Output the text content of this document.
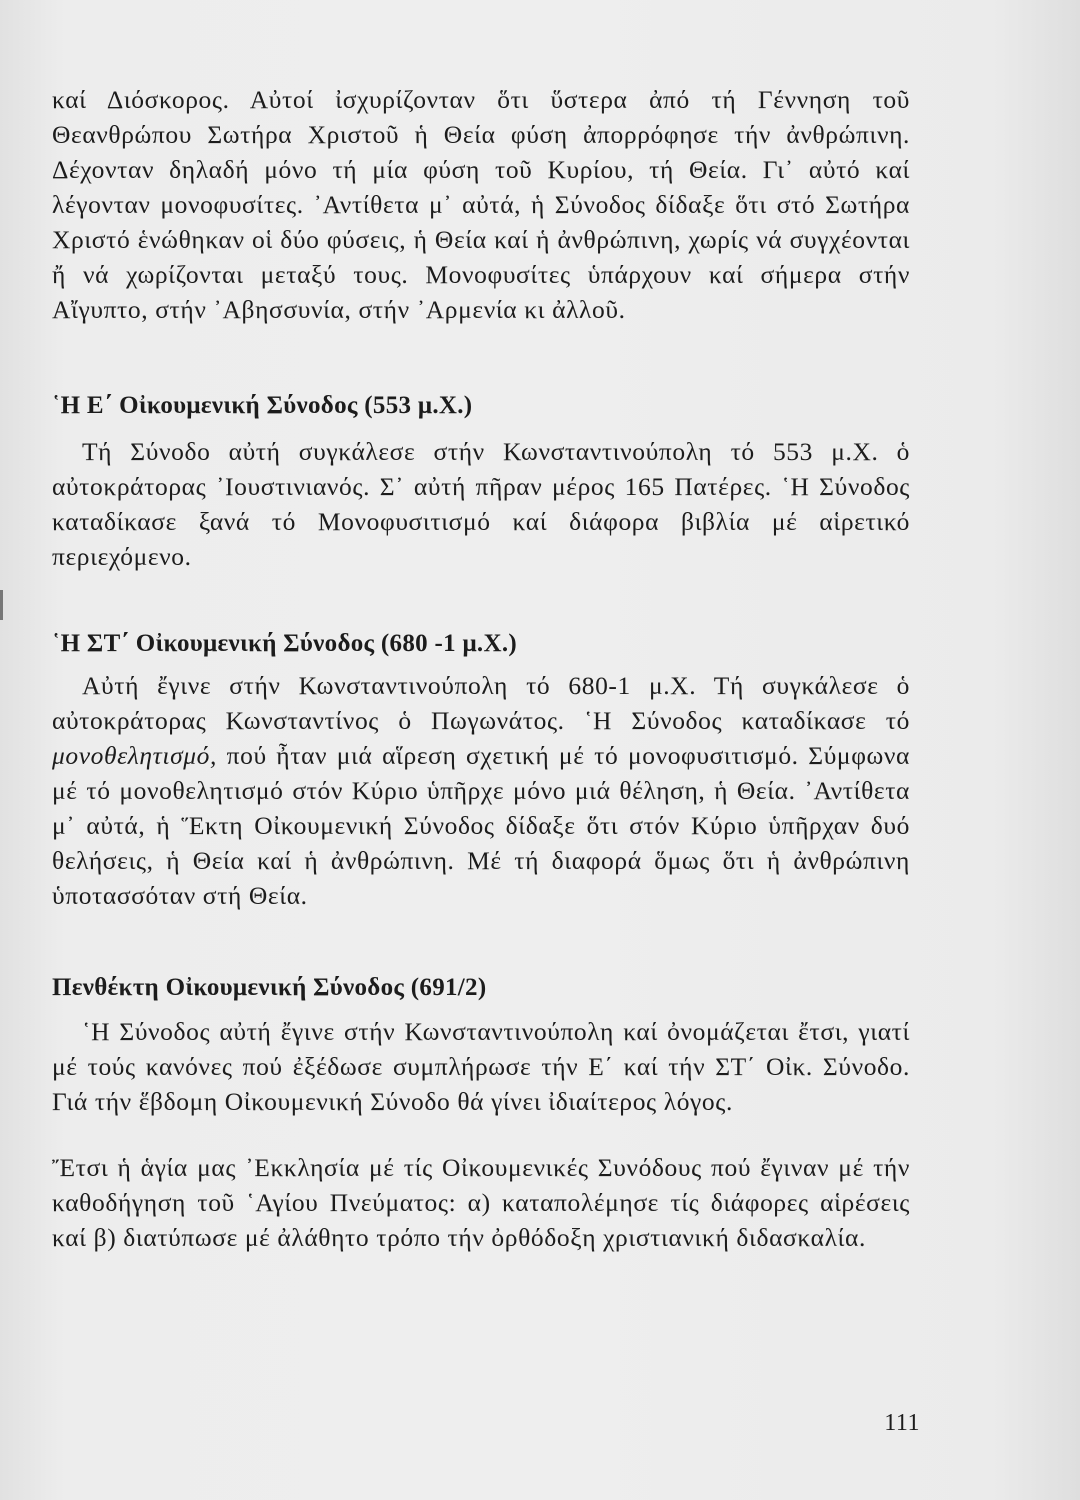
καί Διόσκορος. Αὐτοί ἰσχυρίζονταν ὅτι ὕστερα ἀπό τή Γέννηση τοῦ Θεανθρώπου Σωτήρα Χριστοῦ ἡ Θεία φύση ἀπορρόφησε τήν ἀνθρώπινη. Δέχονταν δηλαδή μόνο τή μία φύση τοῦ Κυρίου, τή Θεία. Γι᾿ αὐτό καί λέγονταν μονοφυσίτες. ᾿Αντίθετα μ᾿ αὐτά, ἡ Σύνοδος δίδαξε ὅτι στό Σωτήρα Χριστό ἑνώθηκαν οἱ δύο φύσεις, ἡ Θεία καί ἡ ἀνθρώπινη, χωρίς νά συγχέονται ἤ νά χωρίζονται μεταξύ τους. Μονοφυσίτες ὑπάρχουν καί σήμερα στήν Αἴγυπτο, στήν ᾿Αβησσυνία, στήν ᾿Αρμενία κι ἀλλοῦ.

῾Η Ε΄ Οἰκουμενική Σύνοδος (553 μ.Χ.)

Τή Σύνοδο αὐτή συγκάλεσε στήν Κωνσταντινούπολη τό 553 μ.Χ. ὁ αὐτοκράτορας ᾿Ιουστινιανός. Σ᾿ αὐτή πῆραν μέρος 165 Πατέρες. ῾Η Σύνοδος καταδίκασε ξανά τό Μονοφυσιτισμό καί διάφορα βιβλία μέ αἱρετικό περιεχόμενο.

῾Η ΣΤ΄ Οἰκουμενική Σύνοδος (680 -1 μ.Χ.)

Αὐτή ἔγινε στήν Κωνσταντινούπολη τό 680-1 μ.Χ. Τή συγκάλεσε ὁ αὐτοκράτορας Κωνσταντίνος ὁ Πωγωνάτος. ῾Η Σύνοδος καταδίκασε τό μονοθελητισμό, πού ἦταν μιά αἵρεση σχετική μέ τό μονοφυσιτισμό. Σύμφωνα μέ τό μονοθελητισμό στόν Κύριο ὑπῆρχε μόνο μιά θέληση, ἡ Θεία. ᾿Αντίθετα μ᾿ αὐτά, ἡ Ἕκτη Οἰκουμενική Σύνοδος δίδαξε ὅτι στόν Κύριο ὑπῆρχαν δυό θελήσεις, ἡ Θεία καί ἡ ἀνθρώπινη. Μέ τή διαφορά ὅμως ὅτι ἡ ἀνθρώπινη ὑποτασσόταν στή Θεία.

Πενθέκτη Οἰκουμενική Σύνοδος (691/2)

῾Η Σύνοδος αὐτή ἔγινε στήν Κωνσταντινούπολη καί ὀνομάζεται ἔτσι, γιατί μέ τούς κανόνες πού ἐξέδωσε συμπλήρωσε τήν Ε΄ καί τήν ΣΤ΄ Οἰκ. Σύνοδο. Γιά τήν ἕβδομη Οἰκουμενική Σύνοδο θά γίνει ἰδιαίτερος λόγος.

Ἔτσι ἡ ἁγία μας ᾿Εκκλησία μέ τίς Οἰκουμενικές Συνόδους πού ἔγιναν μέ τήν καθοδήγηση τοῦ ῾Αγίου Πνεύματος: α) καταπολέμησε τίς διάφορες αἱρέσεις καί β) διατύπωσε μέ ἀλάθητο τρόπο τήν ὀρθόδοξη χριστιανική διδασκαλία.

111
